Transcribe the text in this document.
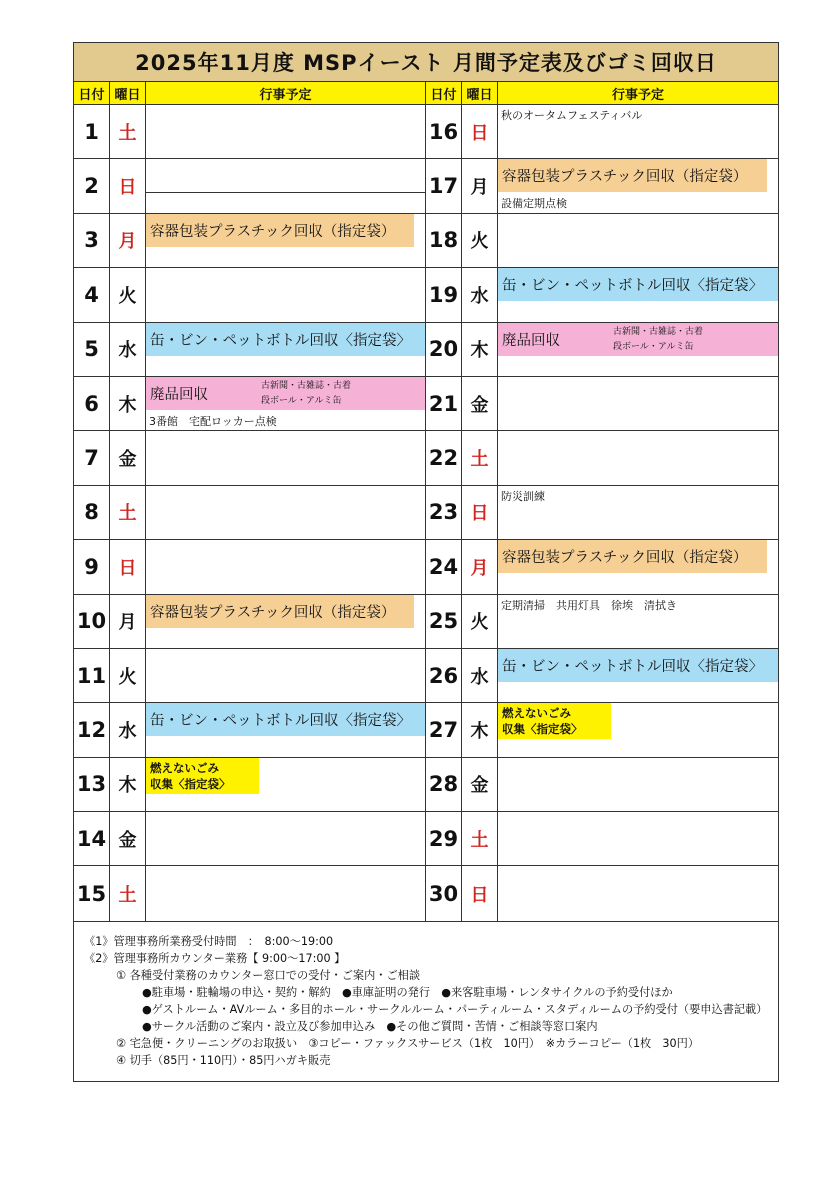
2025年11月度 MSPイースト 月間予定表及びゴミ回収日
日付 曜日	行事予定
1	土
2	日
3	月 容器包装プラスチック回収（指定袋）
4	火
5	水 缶・ビン・ペットボトル回収〈指定袋〉
6	木 廃品回収
古新聞・古雑誌・古着
段ボール・アルミ缶
3番館　宅配ロッカー点検
7	金
8	土
9	日
10 月 容器包装プラスチック回収（指定袋）
11 火
12 水 缶・ビン・ペットボトル回収〈指定袋〉
13 木
燃えないごみ
収集〈指定袋〉
14 金
15 土
日付 曜日	行事予定
16 日
秋のオータムフェスティバル
17 月 容器包装プラスチック回収（指定袋）
設備定期点検
18 火
19 水 缶・ビン・ペットボトル回収〈指定袋〉
20 木 廃品回収
古新聞・古雑誌・古着
段ボール・アルミ缶
21 金
22 土
23 日
防災訓練
24 月 容器包装プラスチック回収（指定袋）
25 火
定期清掃　共用灯具　徐埃　清拭き
26 水 缶・ビン・ペットボトル回収〈指定袋〉
27 木
燃えないごみ
収集〈指定袋〉
28 金
29 土
30 日
《1》管理事務所業務受付時間　：　8:00～19:00
《2》管理事務所カウンター業務【 9:00～17:00 】
① 各種受付業務のカウンター窓口での受付・ご案内・ご相談
●駐車場・駐輪場の申込・契約・解約　●車庫証明の発行　●来客駐車場・レンタサイクルの予約受付ほか
●ゲストルーム・AVルーム・多目的ホール・サークルルーム・パーティルーム・スタディルームの予約受付（要申込書記載）
●サークル活動のご案内・設立及び参加申込み　●その他ご質問・苦情・ご相談等窓口案内
② 宅急便・クリーニングのお取扱い　③コピー・ファックスサービス（1枚　10円）　※カラーコピー（1枚　30円）
④ 切手（85円・110円）・85円ハガキ販売
